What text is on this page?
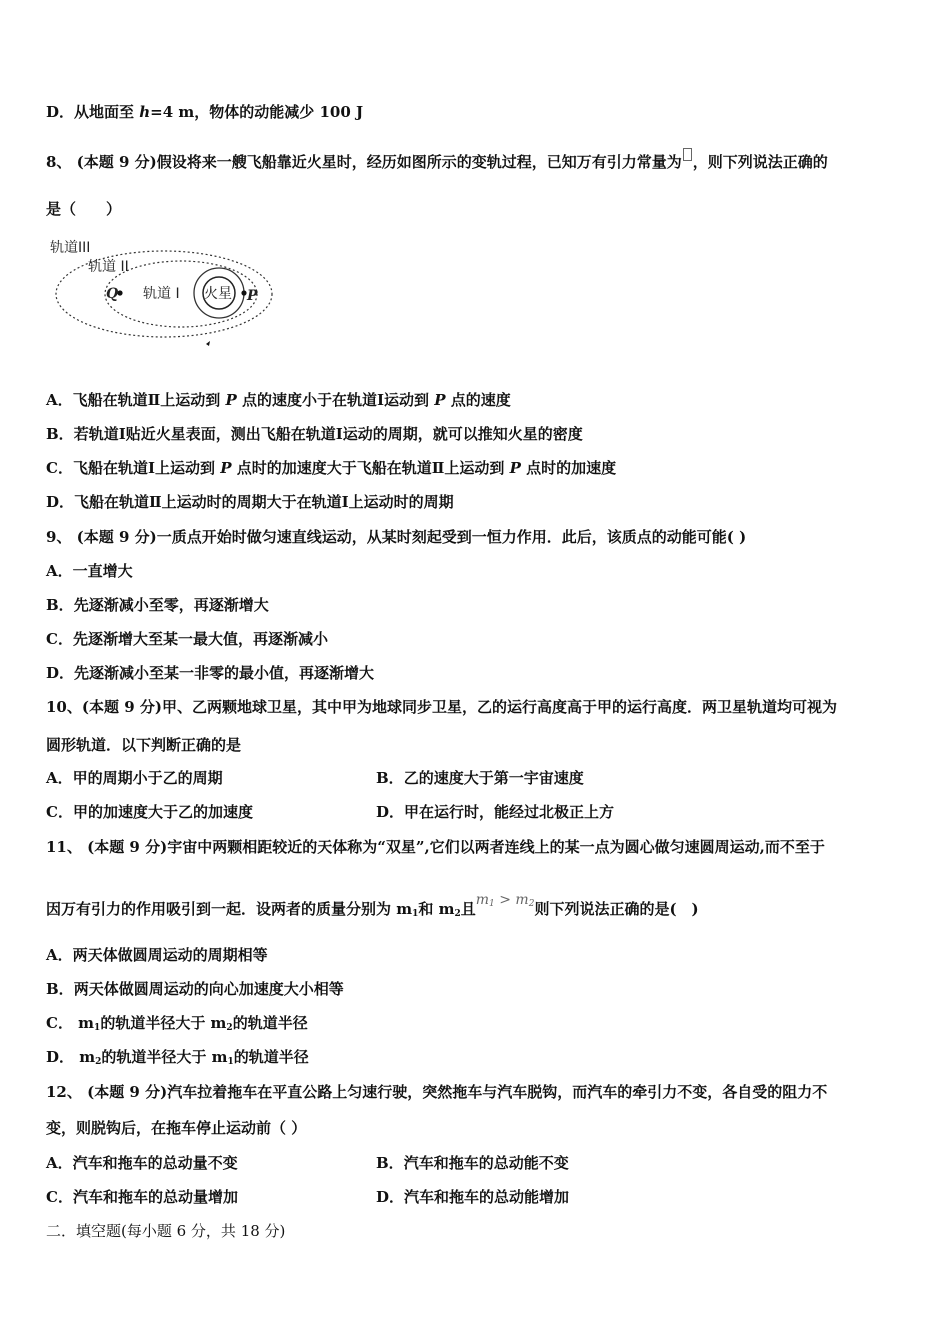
D．从地面至 h=4 m，物体的动能减少 100 J
8、 (本题 9 分)假设将来一艘飞船靠近火星时，经历如图所示的变轨过程，已知万有引力常量为 ，则下列说法正确的
是（　　）
轨道III
轨道 II
轨道 I 火星
Q	P
A．飞船在轨道Ⅱ上运动到 P 点的速度小于在轨道Ⅰ运动到 P 点的速度
B．若轨道Ⅰ贴近火星表面，测出飞船在轨道Ⅰ运动的周期，就可以推知火星的密度
C．飞船在轨道Ⅰ上运动到 P 点时的加速度大于飞船在轨道Ⅱ上运动到 P 点时的加速度
D．飞船在轨道Ⅱ上运动时的周期大于在轨道Ⅰ上运动时的周期
9、 (本题 9 分)一质点开始时做匀速直线运动，从某时刻起受到一恒力作用．此后，该质点的动能可能( )
A．一直增大
B．先逐渐减小至零，再逐渐增大
C．先逐渐增大至某一最大值，再逐渐减小
D．先逐渐减小至某一非零的最小值，再逐渐增大
10、(本题 9 分)甲、乙两颗地球卫星，其中甲为地球同步卫星，乙的运行高度高于甲的运行高度．两卫星轨道均可视为
圆形轨道．以下判断正确的是
A．甲的周期小于乙的周期	B．乙的速度大于第一宇宙速度
C．甲的加速度大于乙的加速度	D．甲在运行时，能经过北极正上方
11、 (本题 9 分)宇宙中两颗相距较近的天体称为“双星”,它们以两者连线上的某一点为圆心做匀速圆周运动,而不至于
因万有引力的作用吸引到一起．设两者的质量分别为 $m_1$和 $m_2$且$m_1 > m_2$则下列说法正确的是(　)
A．两天体做圆周运动的周期相等
B．两天体做圆周运动的向心加速度大小相等
C． $m_1$的轨道半径大于 $m_2$的轨道半径
D． $m_2$的轨道半径大于 $m_1$的轨道半径
12、 (本题 9 分)汽车拉着拖车在平直公路上匀速行驶，突然拖车与汽车脱钩，而汽车的牵引力不变，各自受的阻力不
变，则脱钩后，在拖车停止运动前（ ）
A．汽车和拖车的总动量不变	B．汽车和拖车的总动能不变
C．汽车和拖车的总动量增加	D．汽车和拖车的总动能增加
二．填空题(每小题 6 分，共 18 分)
